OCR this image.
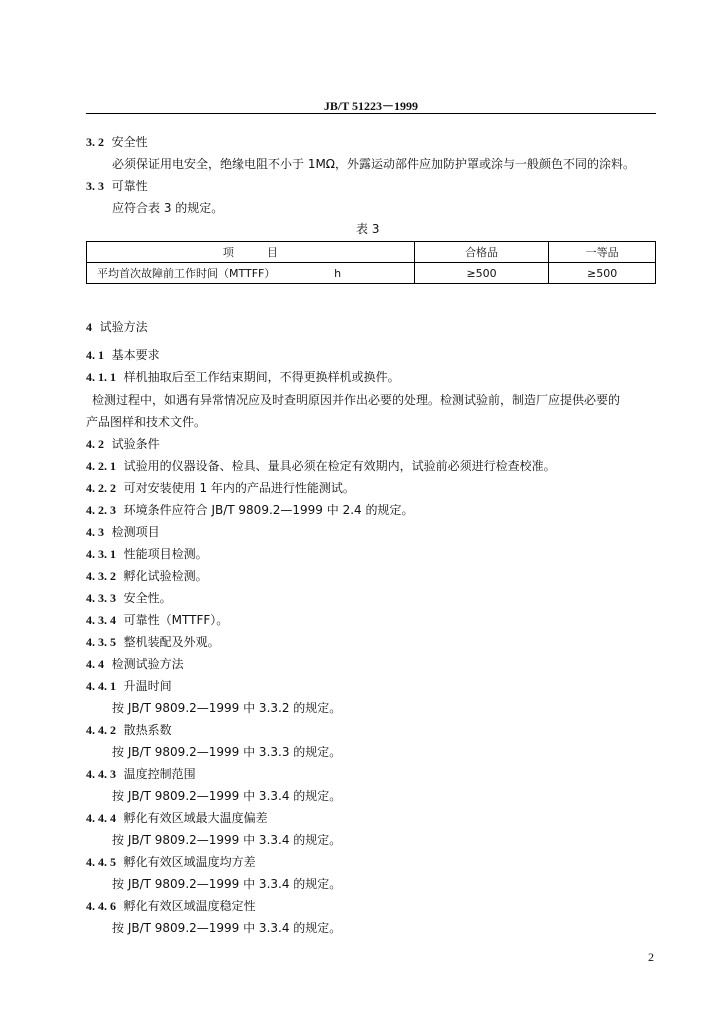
JB/T 51223－1999
3. 2 安全性
必须保证用电安全，绝缘电阻不小于 1MΩ，外露运动部件应加防护罩或涂与一般颜色不同的涂料。
3. 3 可靠性
应符合表 3 的规定。
表 3
项　　　目		合格品	一等品
平均首次故障前工作时间（MTTFF）	h	≥500	≥500
4 试验方法
4. 1 基本要求
4. 1. 1 样机抽取后至工作结束期间，不得更换样机或换件。
检测过程中，如遇有异常情况应及时查明原因并作出必要的处理。检测试验前，制造厂应提供必要的
产品图样和技术文件。
4. 2 试验条件
4. 2. 1 试验用的仪器设备、检具、量具必须在检定有效期内，试验前必须进行检查校准。
4. 2. 2 可对安装使用 1 年内的产品进行性能测试。
4. 2. 3 环境条件应符合 JB/T 9809.2—1999 中 2.4 的规定。
4. 3 检测项目
4. 3. 1 性能项目检测。
4. 3. 2 孵化试验检测。
4. 3. 3 安全性。
4. 3. 4 可靠性（MTTFF）。
4. 3. 5 整机装配及外观。
4. 4 检测试验方法
4. 4. 1 升温时间
按 JB/T 9809.2—1999 中 3.3.2 的规定。
4. 4. 2 散热系数
按 JB/T 9809.2—1999 中 3.3.3 的规定。
4. 4. 3 温度控制范围
按 JB/T 9809.2—1999 中 3.3.4 的规定。
4. 4. 4 孵化有效区域最大温度偏差
按 JB/T 9809.2—1999 中 3.3.4 的规定。
4. 4. 5 孵化有效区域温度均方差
按 JB/T 9809.2—1999 中 3.3.4 的规定。
4. 4. 6 孵化有效区域温度稳定性
按 JB/T 9809.2—1999 中 3.3.4 的规定。
2
